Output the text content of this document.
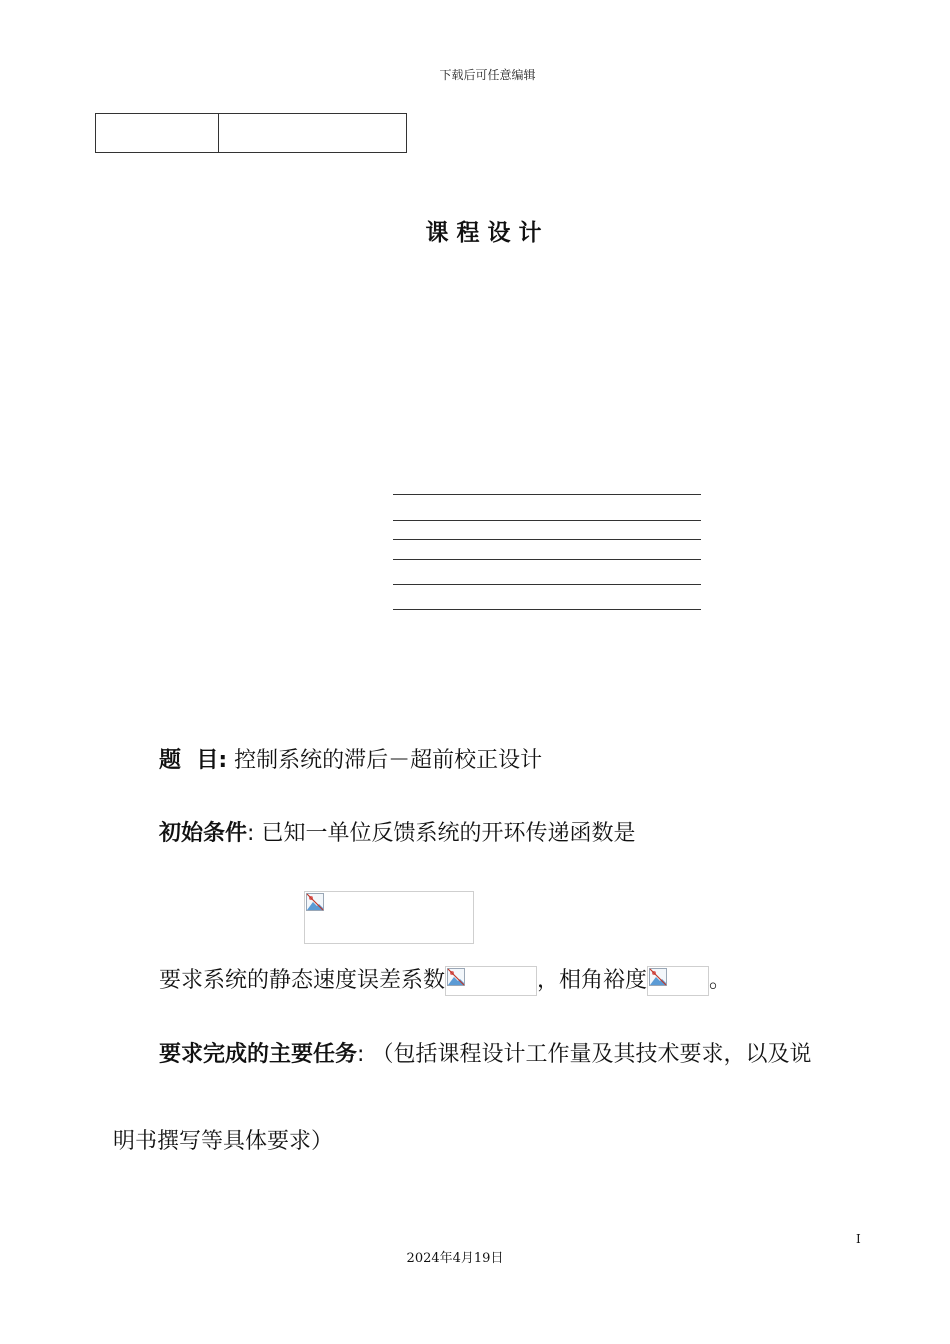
下载后可任意编辑
课程设计
题  目: 控制系统的滞后－超前校正设计
初始条件: 已知一单位反馈系统的开环传递函数是
要求系统的静态速度误差系数	，相角裕度	。
要求完成的主要任务: （包括课程设计工作量及其技术要求，以及说
明书撰写等具体要求）
I
2024年4月19日
